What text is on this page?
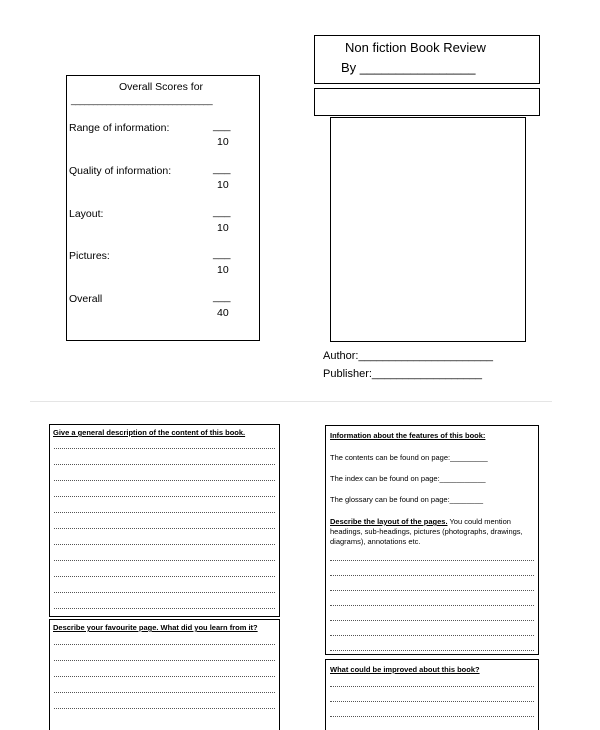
Non fiction Book Review
By ________________
Overall Scores for
________________________________
Range of information:	___
10
Quality of information:	___
10
Layout:	___
10
Pictures:	___
10
Overall	___
40
Author:______________________
Publisher:__________________
Give a general description of the content of this book.
Describe your favourite page. What did you learn from it?
Information about the features of this book:
The contents can be found on page:_________
The index can be found on page:___________
The glossary can be found on page:________
Describe the layout of the pages. You could mention
headings, sub-headings, pictures (photographs, drawings,
diagrams), annotations etc.
What could be improved about this book?
